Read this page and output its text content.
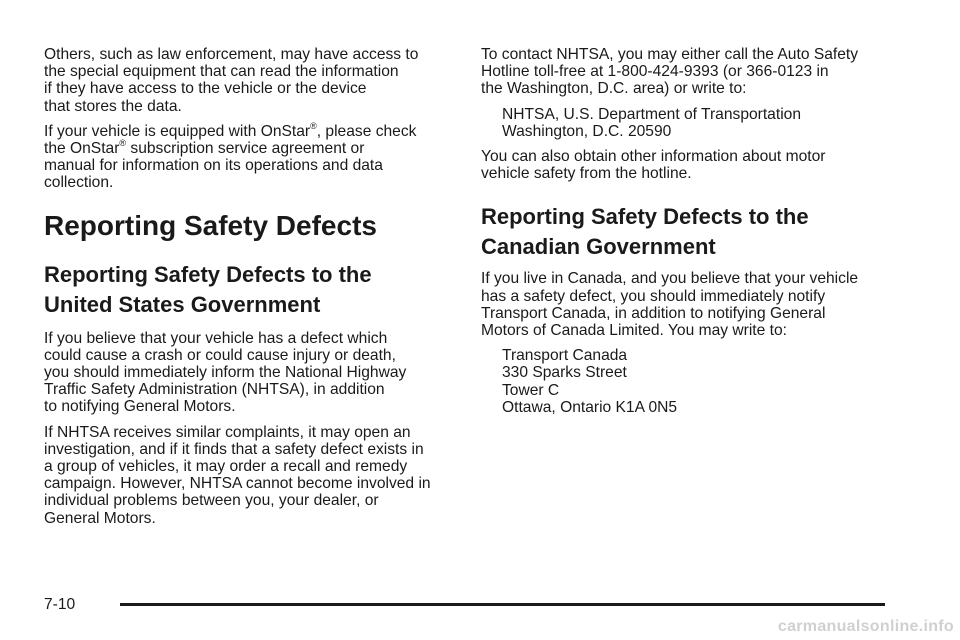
Others, such as law enforcement, may have access to
the special equipment that can read the information
if they have access to the vehicle or the device
that stores the data.

If your vehicle is equipped with OnStar®, please check
the OnStar® subscription service agreement or
manual for information on its operations and data
collection.

Reporting Safety Defects
Reporting Safety Defects to the
United States Government

If you believe that your vehicle has a defect which
could cause a crash or could cause injury or death,
you should immediately inform the National Highway
Traffic Safety Administration (NHTSA), in addition
to notifying General Motors.

If NHTSA receives similar complaints, it may open an
investigation, and if it finds that a safety defect exists in
a group of vehicles, it may order a recall and remedy
campaign. However, NHTSA cannot become involved in
individual problems between you, your dealer, or
General Motors.

To contact NHTSA, you may either call the Auto Safety
Hotline toll-free at 1-800-424-9393 (or 366-0123 in
the Washington, D.C. area) or write to:

NHTSA, U.S. Department of Transportation
Washington, D.C. 20590

You can also obtain other information about motor
vehicle safety from the hotline.

Reporting Safety Defects to the
Canadian Government

If you live in Canada, and you believe that your vehicle
has a safety defect, you should immediately notify
Transport Canada, in addition to notifying General
Motors of Canada Limited. You may write to:

Transport Canada
330 Sparks Street
Tower C
Ottawa, Ontario K1A 0N5

7-10
carmanualsonline.info
